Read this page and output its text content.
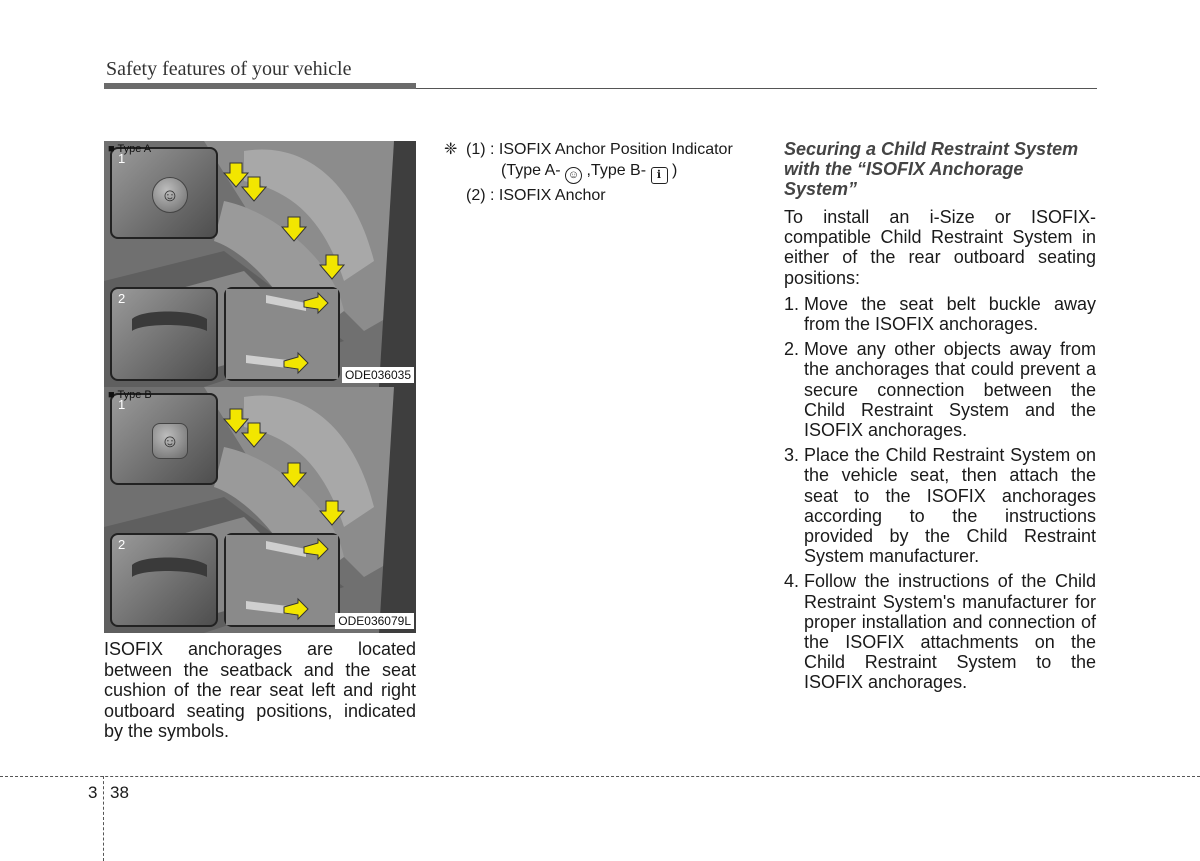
Safety features of your vehicle
■ Type A
☺
1
2
ODE036035
■ Type B
☺
1
2
ODE036079L

ISOFIX anchorages are located between the seatback and the seat cushion of the rear seat left and right outboard seating positions, indicated by the symbols.

❈ (1) : ISOFIX Anchor Position Indicator
(Type A- ☺ ,Type B- ℹ )
(2) : ISOFIX Anchor
Securing a Child Restraint System
with the “ISOFIX Anchorage
System”

To install an i-Size or ISOFIX-compatible Child Restraint System in either of the rear outboard seating positions:

1. Move the seat belt buckle away from the ISOFIX anchorages.
2. Move any other objects away from the anchorages that could prevent a secure connection between the Child Restraint System and the ISOFIX anchorages.
3. Place the Child Restraint System on the vehicle seat, then attach the seat to the ISOFIX anchorages according to the instructions provided by the Child Restraint System manufacturer.
4. Follow the instructions of the Child Restraint System's manufacturer for proper installation and connection of the ISOFIX attachments on the Child Restraint System to the ISOFIX anchorages.
3 38
